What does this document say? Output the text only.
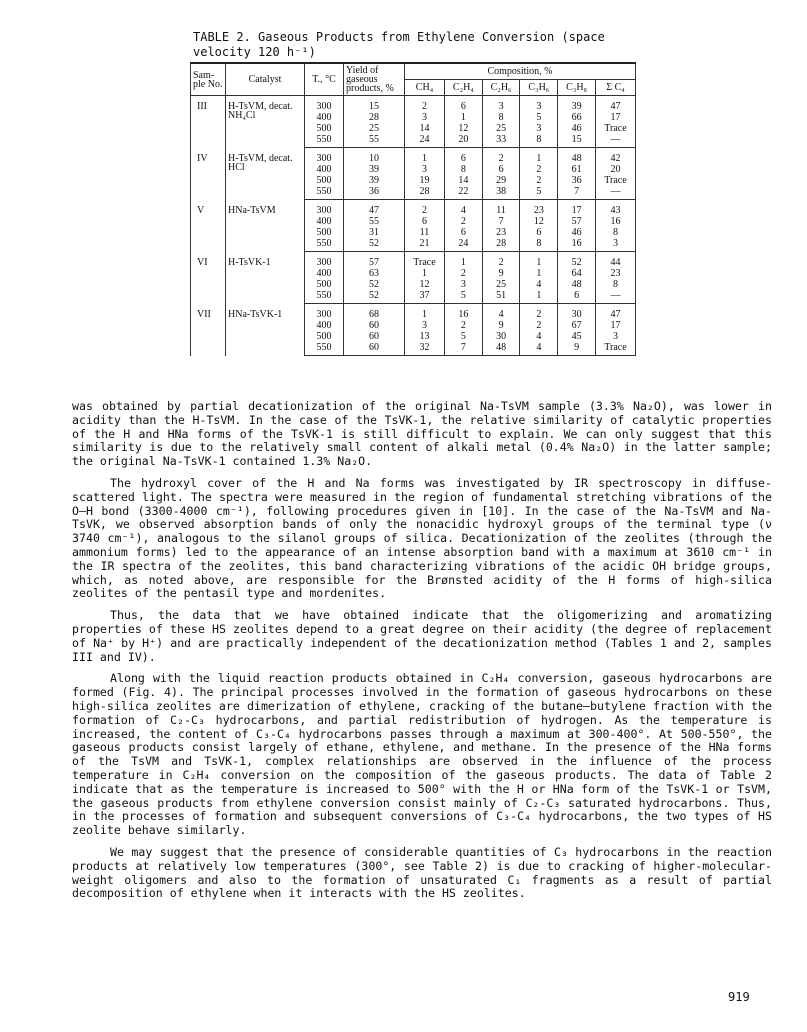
TABLE 2. Gaseous Products from Ethylene Conversion (space velocity 120 h⁻¹)

Sam-ple No.	Catalyst	T., °C	Yield of gaseous products, %	Composition, %					
				CH₄	C₂H₄	C₂H₆	C₃H₆	C₃H₈	Σ C₄
III	H-TsVM, decat. NH₄Cl	300	15	2	6	3	3	39	47
		400	28	3	1	8	5	66	17
		500	25	14	12	25	3	46	Trace
		550	55	24	20	33	8	15	—
IV	H-TsVM, decat. HCl	300	10	1	6	2	1	48	42
		400	39	3	8	6	2	61	20
		500	39	19	14	29	2	36	Trace
		550	36	28	22	38	5	7	—
V	HNa-TsVM	300	47	2	4	11	23	17	43
		400	55	6	2	7	12	57	16
		500	31	11	6	23	6	46	8
		550	52	21	24	28	8	16	3
VI	H-TsVK-1	300	57	Trace	1	2	1	52	44
		400	63	1	2	9	1	64	23
		500	52	12	3	25	4	48	8
		550	52	37	5	51	1	6	—
VII	HNa-TsVK-1	300	68	1	16	4	2	30	47
		400	60	3	2	9	2	67	17
		500	60	13	5	30	4	45	3
		550	60	32	7	48	4	9	Trace

was obtained by partial decationization of the original Na-TsVM sample (3.3% Na₂O), was lower in acidity than the H-TsVM. In the case of the TsVK-1, the relative similarity of catalytic properties of the H and HNa forms of the TsVK-1 is still difficult to explain. We can only suggest that this similarity is due to the relatively small content of alkali metal (0.4% Na₂O) in the latter sample; the original Na-TsVK-1 contained 1.3% Na₂O.

The hydroxyl cover of the H and Na forms was investigated by IR spectroscopy in diffuse-scattered light. The spectra were measured in the region of fundamental stretching vibrations of the O—H bond (3300-4000 cm⁻¹), following procedures given in [10]. In the case of the Na-TsVM and Na-TsVK, we observed absorption bands of only the nonacidic hydroxyl groups of the terminal type (ν 3740 cm⁻¹), analogous to the silanol groups of silica. Decationization of the zeolites (through the ammonium forms) led to the appearance of an intense absorption band with a maximum at 3610 cm⁻¹ in the IR spectra of the zeolites, this band characterizing vibrations of the acidic OH bridge groups, which, as noted above, are responsible for the Brønsted acidity of the H forms of high-silica zeolites of the pentasil type and mordenites.

Thus, the data that we have obtained indicate that the oligomerizing and aromatizing properties of these HS zeolites depend to a great degree on their acidity (the degree of replacement of Na⁺ by H⁺) and are practically independent of the decationization method (Tables 1 and 2, samples III and IV).

Along with the liquid reaction products obtained in C₂H₄ conversion, gaseous hydrocarbons are formed (Fig. 4). The principal processes involved in the formation of gaseous hydrocarbons on these high-silica zeolites are dimerization of ethylene, cracking of the butane—butylene fraction with the formation of C₂-C₃ hydrocarbons, and partial redistribution of hydrogen. As the temperature is increased, the content of C₃-C₄ hydrocarbons passes through a maximum at 300-400°. At 500-550°, the gaseous products consist largely of ethane, ethylene, and methane. In the presence of the HNa forms of the TsVM and TsVK-1, complex relationships are observed in the influence of the process temperature in C₂H₄ conversion on the composition of the gaseous products. The data of Table 2 indicate that as the temperature is increased to 500° with the H or HNa form of the TsVK-1 or TsVM, the gaseous products from ethylene conversion consist mainly of C₂-C₃ saturated hydrocarbons. Thus, in the processes of formation and subsequent conversions of C₃-C₄ hydrocarbons, the two types of HS zeolite behave similarly.

We may suggest that the presence of considerable quantities of C₃ hydrocarbons in the reaction products at relatively low temperatures (300°, see Table 2) is due to cracking of higher-molecular-weight oligomers and also to the formation of unsaturated C₁ fragments as a result of partial decomposition of ethylene when it interacts with the HS zeolites.

919
